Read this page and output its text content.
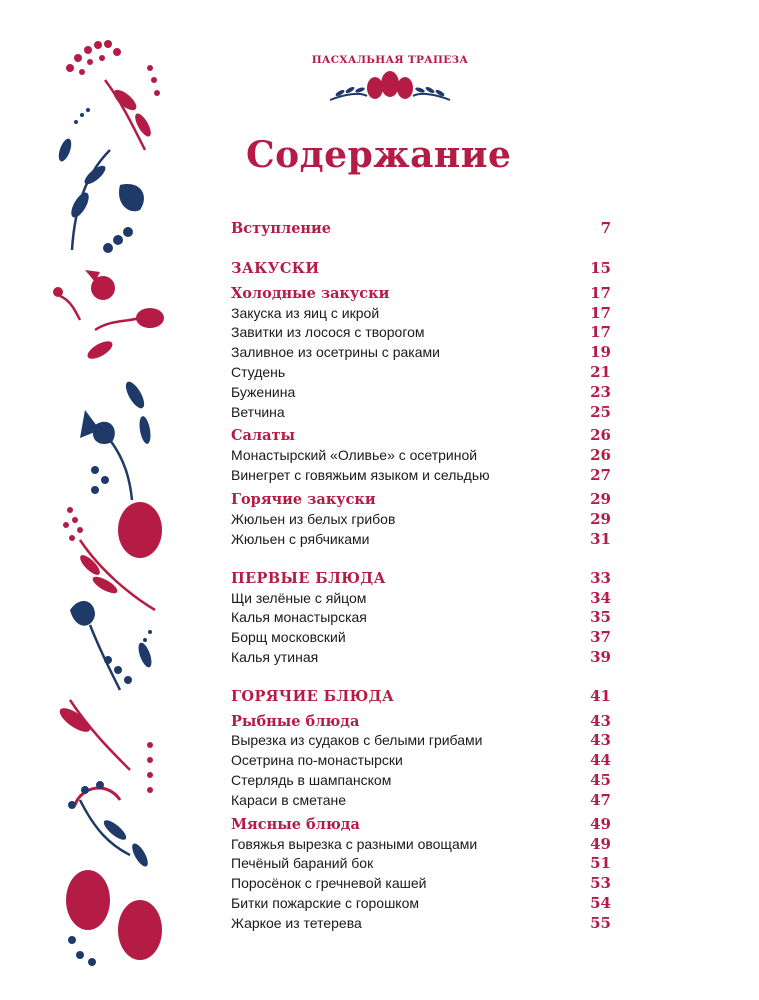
ПАСХАЛЬНАЯ ТРАПЕЗА
Содержание
Вступление	7
ЗАКУСКИ	15
Холодные закуски	17
Закуска из яиц с икрой	17
Завитки из лосося с творогом	17
Заливное из осетрины с раками	19
Студень	21
Буженина	23
Ветчина	25
Салаты	26
Монастырский «Оливье» с осетриной	26
Винегрет с говяжьим языком и сельдью	27
Горячие закуски	29
Жюльен из белых грибов	29
Жюльен с рябчиками	31
ПЕРВЫЕ БЛЮДА	33
Щи зелёные с яйцом	34
Калья монастырская	35
Борщ московский	37
Калья утиная	39
ГОРЯЧИЕ БЛЮДА	41
Рыбные блюда	43
Вырезка из судаков с белыми грибами	43
Осетрина по-монастырски	44
Стерлядь в шампанском	45
Караси в сметане	47
Мясные блюда	49
Говяжья вырезка с разными овощами	49
Печёный бараний бок	51
Поросёнок с гречневой кашей	53
Битки пожарские с горошком	54
Жаркое из тетерева	55
